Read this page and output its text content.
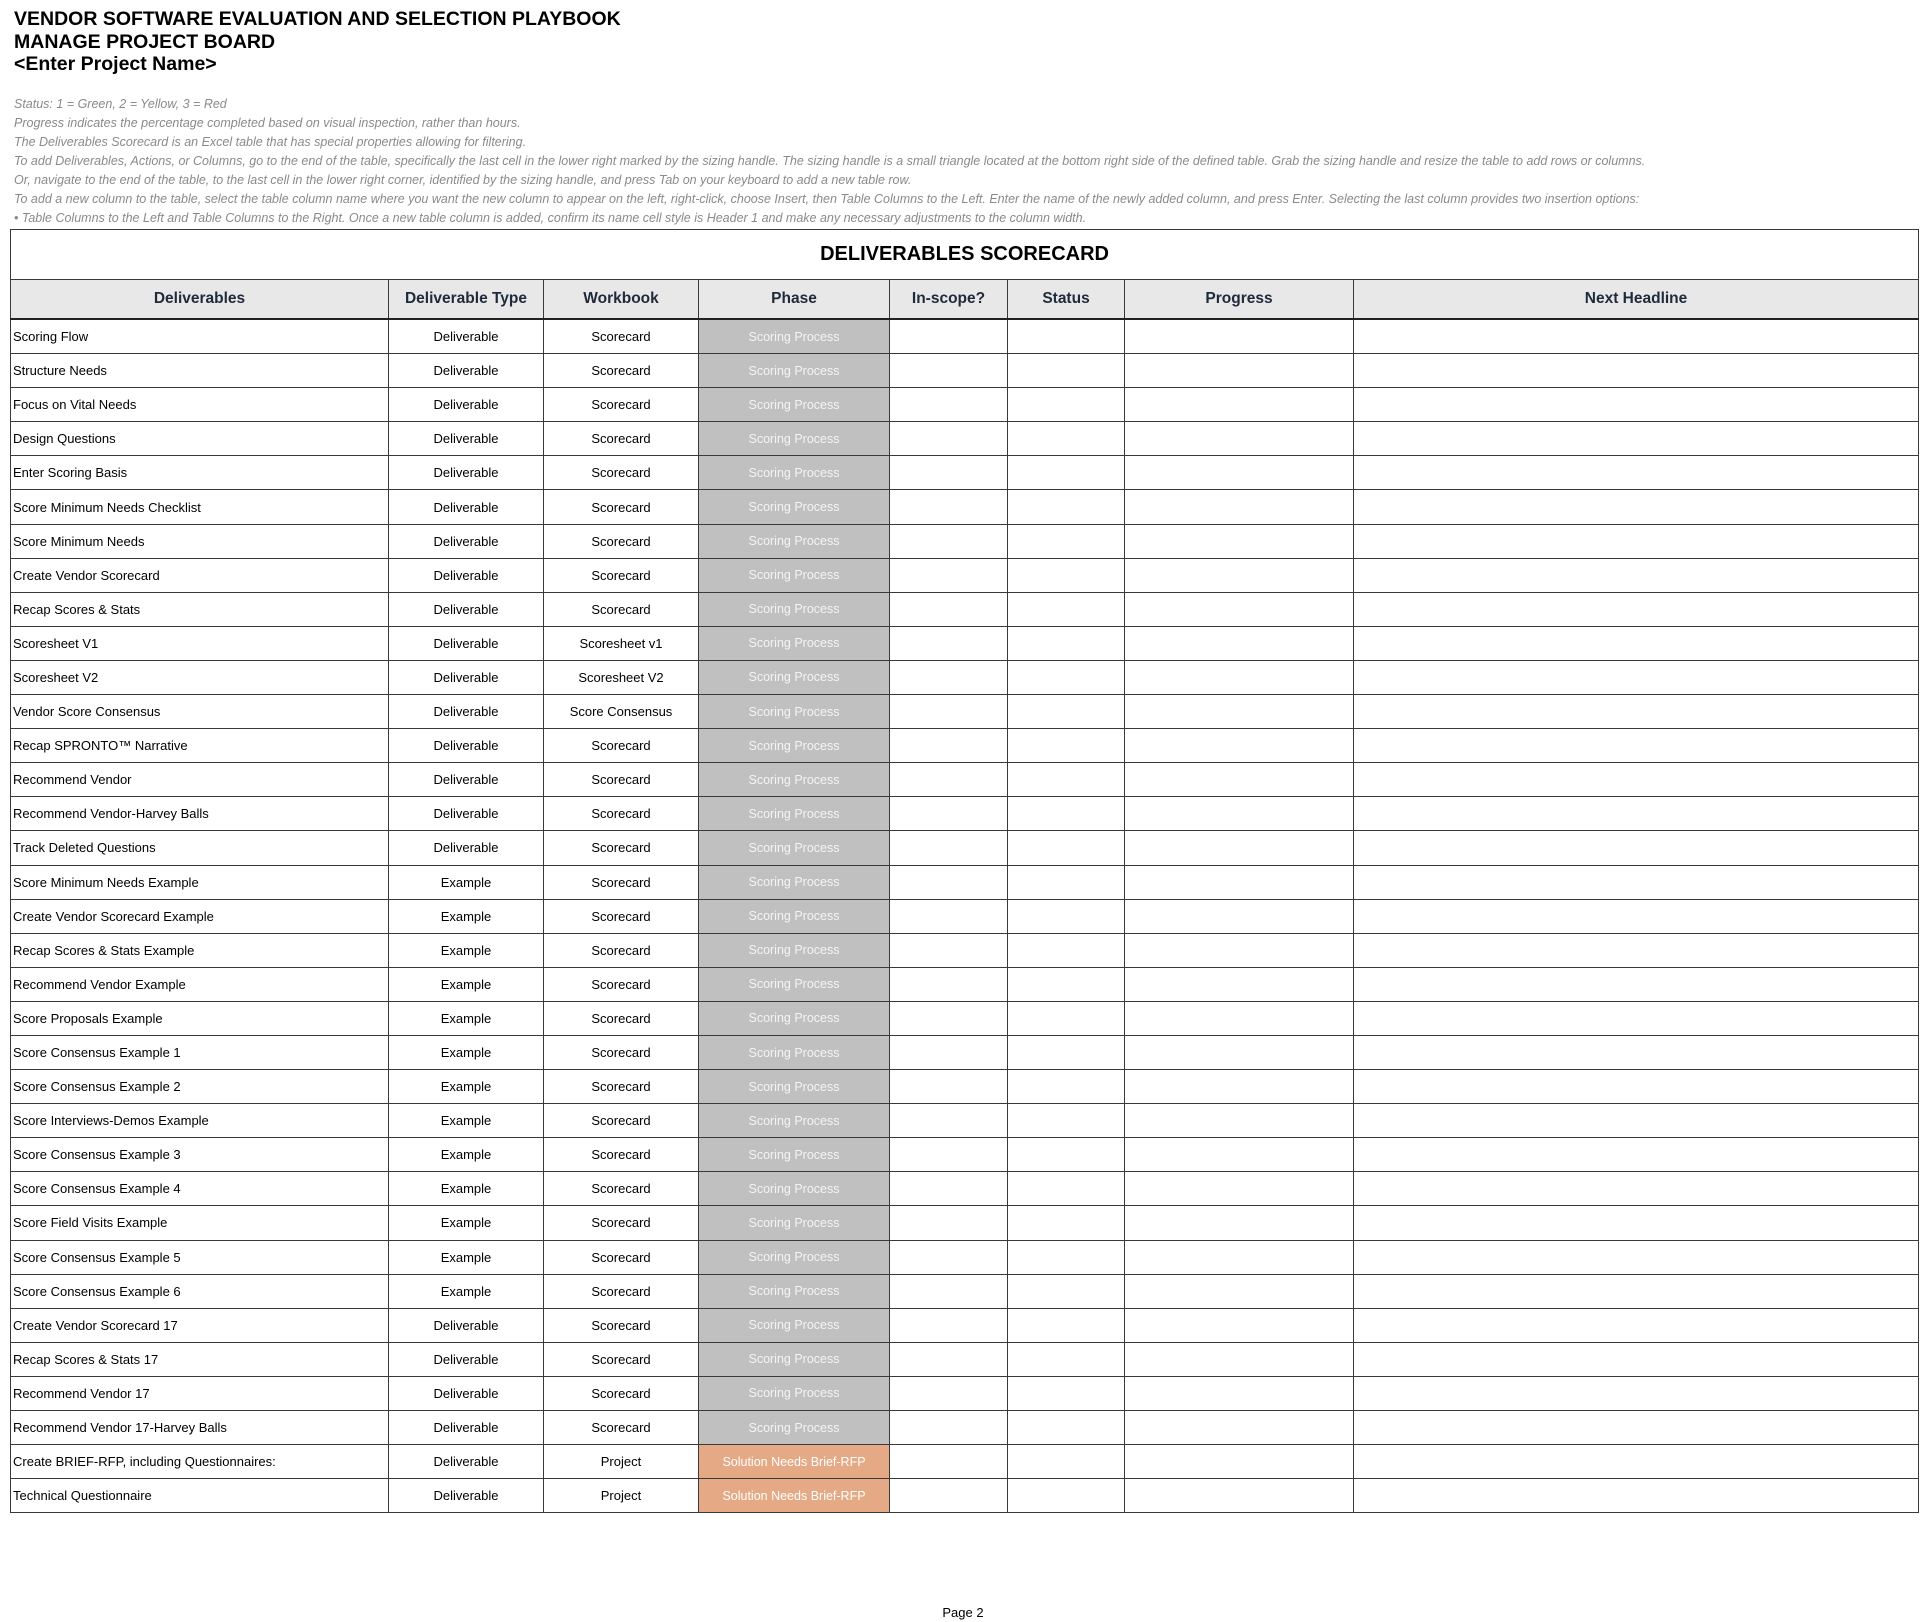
VENDOR SOFTWARE EVALUATION AND SELECTION PLAYBOOK
MANAGE PROJECT BOARD
<Enter Project Name>
Status: 1 = Green, 2 = Yellow, 3 = Red
Progress indicates the percentage completed based on visual inspection, rather than hours.
The Deliverables Scorecard is an Excel table that has special properties allowing for filtering.
To add Deliverables, Actions, or Columns, go to the end of the table, specifically the last cell in the lower right marked by the sizing handle. The sizing handle is a small triangle located at the bottom right side of the defined table. Grab the sizing handle and resize the table to add rows or columns.
Or, navigate to the end of the table, to the last cell in the lower right corner, identified by the sizing handle, and press Tab on your keyboard to add a new table row.
To add a new column to the table, select the table column name where you want the new column to appear on the left, right-click, choose Insert, then Table Columns to the Left. Enter the name of the newly added column, and press Enter. Selecting the last column provides two insertion options:
• Table Columns to the Left and Table Columns to the Right. Once a new table column is added, confirm its name cell style is Header 1 and make any necessary adjustments to the column width.
DELIVERABLES SCORECARD							
Deliverables	Deliverable Type	Workbook	Phase	In-scope?	Status	Progress	Next Headline
Scoring Flow	Deliverable	Scorecard	Scoring Process				
Structure Needs	Deliverable	Scorecard	Scoring Process				
Focus on Vital Needs	Deliverable	Scorecard	Scoring Process				
Design Questions	Deliverable	Scorecard	Scoring Process				
Enter Scoring Basis	Deliverable	Scorecard	Scoring Process				
Score Minimum Needs Checklist	Deliverable	Scorecard	Scoring Process				
Score Minimum Needs	Deliverable	Scorecard	Scoring Process				
Create Vendor Scorecard	Deliverable	Scorecard	Scoring Process				
Recap Scores & Stats	Deliverable	Scorecard	Scoring Process				
Scoresheet V1	Deliverable	Scoresheet v1	Scoring Process				
Scoresheet V2	Deliverable	Scoresheet V2	Scoring Process				
Vendor Score Consensus	Deliverable	Score Consensus	Scoring Process				
Recap SPRONTO™ Narrative	Deliverable	Scorecard	Scoring Process				
Recommend Vendor	Deliverable	Scorecard	Scoring Process				
Recommend Vendor-Harvey Balls	Deliverable	Scorecard	Scoring Process				
Track Deleted Questions	Deliverable	Scorecard	Scoring Process				
Score Minimum Needs Example	Example	Scorecard	Scoring Process				
Create Vendor Scorecard Example	Example	Scorecard	Scoring Process				
Recap Scores & Stats Example	Example	Scorecard	Scoring Process				
Recommend Vendor Example	Example	Scorecard	Scoring Process				
Score Proposals Example	Example	Scorecard	Scoring Process				
Score Consensus Example 1	Example	Scorecard	Scoring Process				
Score Consensus Example 2	Example	Scorecard	Scoring Process				
Score Interviews-Demos Example	Example	Scorecard	Scoring Process				
Score Consensus Example 3	Example	Scorecard	Scoring Process				
Score Consensus Example 4	Example	Scorecard	Scoring Process				
Score Field Visits Example	Example	Scorecard	Scoring Process				
Score Consensus Example 5	Example	Scorecard	Scoring Process				
Score Consensus Example 6	Example	Scorecard	Scoring Process				
Create Vendor Scorecard 17	Deliverable	Scorecard	Scoring Process				
Recap Scores & Stats 17	Deliverable	Scorecard	Scoring Process				
Recommend Vendor 17	Deliverable	Scorecard	Scoring Process				
Recommend Vendor 17-Harvey Balls	Deliverable	Scorecard	Scoring Process				
Create BRIEF-RFP, including Questionnaires:	Deliverable	Project	Solution Needs Brief-RFP				
Technical Questionnaire	Deliverable	Project	Solution Needs Brief-RFP				
Page 2
